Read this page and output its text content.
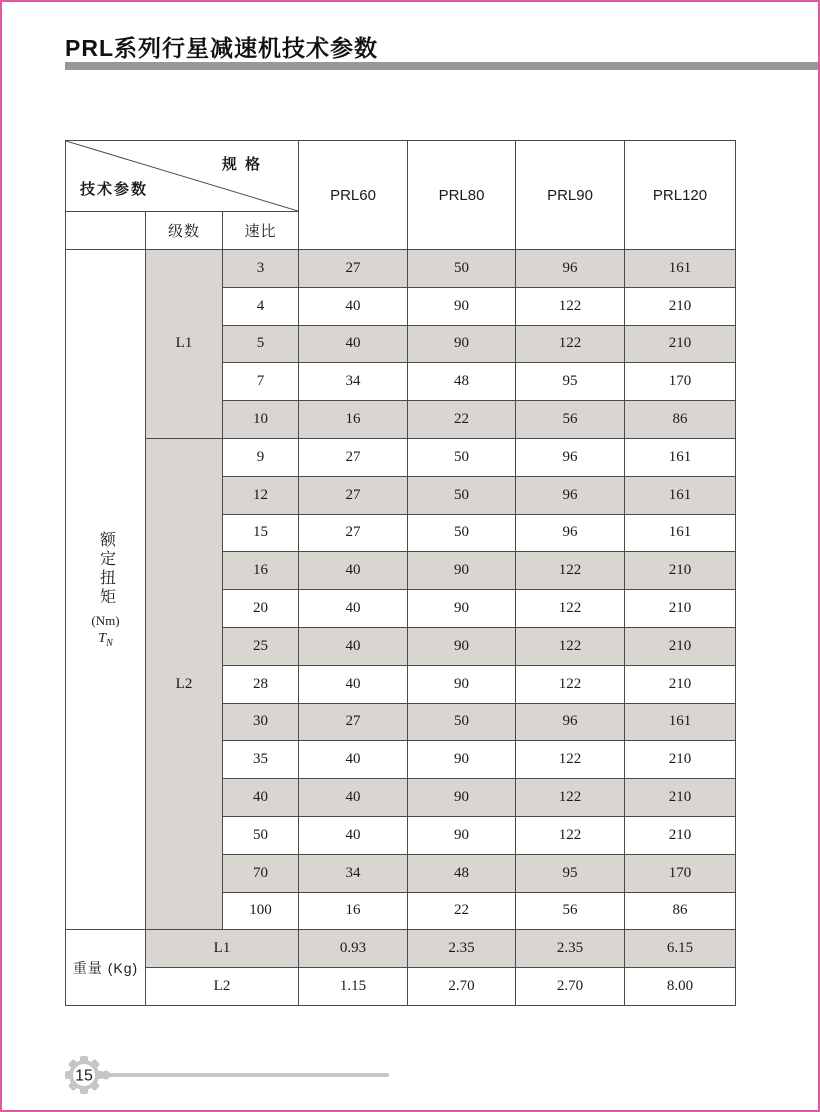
PRL系列行星减速机技术参数
规 格
技术参数			PRL60	PRL80	PRL90	PRL120
	级数	速比				

额定扭矩
(Nm)
$T_N$	L1	3	27	50	96	161
		4	40	90	122	210
		5	40	90	122	210
		7	34	48	95	170
		10	16	22	56	86
	L2	9	27	50	96	161
		12	27	50	96	161
		15	27	50	96	161
		16	40	90	122	210
		20	40	90	122	210
		25	40	90	122	210
		28	40	90	122	210
		30	27	50	96	161
		35	40	90	122	210
		40	40	90	122	210
		50	40	90	122	210
		70	34	48	95	170
		100	16	22	56	86
重量 (Kg)	L1		0.93	2.35	2.35	6.15
	L2		1.15	2.70	2.70	8.00
15
